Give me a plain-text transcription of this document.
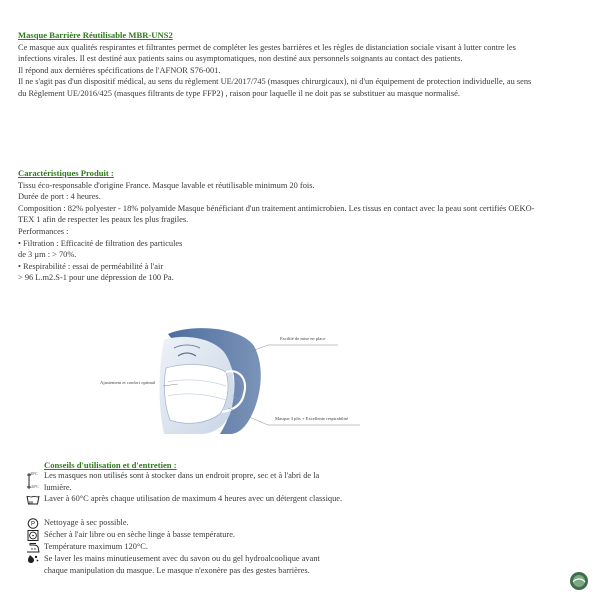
Masque Barrière Réutilisable MBR-UNS2

Ce masque aux qualités respirantes et filtrantes permet de compléter les gestes barrières et les règles de distanciation sociale visant à lutter contre les infections virales. Il est destiné aux patients sains ou asymptomatiques, non destiné aux personnels soignants au contact des patients.

Il répond aux dernières spécifications de l'AFNOR S76-001.

Il ne s'agit pas d'un dispositif médical, au sens du règlement UE/2017/745 (masques chirurgicaux), ni d'un équipement de protection individuelle, au sens du Règlement UE/2016/425 (masques filtrants de type FFP2) , raison pour laquelle il ne doit pas se substituer au masque normalisé.

Caractéristiques Produit :

Tissu éco-responsable d'origine France. Masque lavable et réutilisable minimum 20 fois.

Durée de port : 4 heures.

Composition : 82% polyester - 18% polyamide Masque bénéficiant d'un traitement antimicrobien. Les tissus en contact avec la peau sont certifiés OEKO-TEX 1 afin de respecter les peaux les plus fragiles.

Performances :

• Filtration : Efficacité de filtration des particules

de 3 µm : > 70%.

• Respirabilité : essai de perméabilité à l'air

> 96 L.m2.S-1 pour une dépression de 100 Pa.

Facilité de mise en place
Ajustement et confort optimal
Masque 3 plis + Excellente respirabilité
Conseils d'utilisation et d'entretien :
40°C
-20°C
Les masques non utilisés sont à stocker dans un endroit propre, sec et à l'abri de la lumière.
60 Laver à 60°C après chaque utilisation de maximum 4 heures avec un détergent classique.
P Nettoyage à sec possible.
Sécher à l'air libre ou en sèche linge à basse température.
Température maximum 120°C.
Se laver les mains minutieusement avec du savon ou du gel hydroalcoolique avant chaque manipulation du masque. Le masque n'exonère pas des gestes barrières.
